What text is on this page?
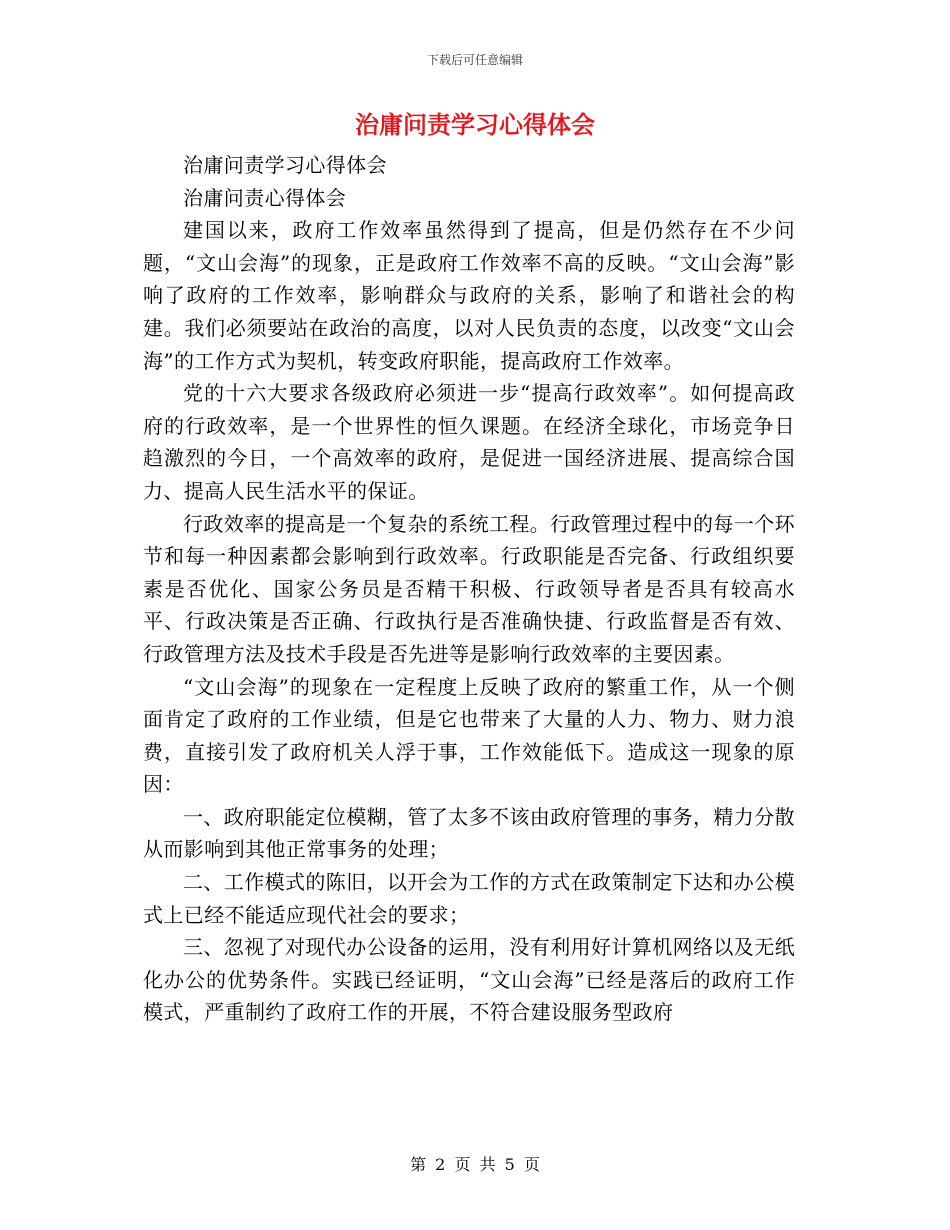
下载后可任意编辑
治庸问责学习心得体会

治庸问责学习心得体会

治庸问责心得体会

建国以来，政府工作效率虽然得到了提高，但是仍然存在不少问题，“文山会海”的现象，正是政府工作效率不高的反映。“文山会海”影响了政府的工作效率，影响群众与政府的关系，影响了和谐社会的构建。我们必须要站在政治的高度，以对人民负责的态度，以改变“文山会海”的工作方式为契机，转变政府职能，提高政府工作效率。

党的十六大要求各级政府必须进一步“提高行政效率”。如何提高政府的行政效率，是一个世界性的恒久课题。在经济全球化，市场竞争日趋激烈的今日，一个高效率的政府，是促进一国经济进展、提高综合国力、提高人民生活水平的保证。

行政效率的提高是一个复杂的系统工程。行政管理过程中的每一个环节和每一种因素都会影响到行政效率。行政职能是否完备、行政组织要素是否优化、国家公务员是否精干积极、行政领导者是否具有较高水平、行政决策是否正确、行政执行是否准确快捷、行政监督是否有效、行政管理方法及技术手段是否先进等是影响行政效率的主要因素。

“文山会海”的现象在一定程度上反映了政府的繁重工作，从一个侧面肯定了政府的工作业绩，但是它也带来了大量的人力、物力、财力浪费，直接引发了政府机关人浮于事，工作效能低下。造成这一现象的原因：

一、政府职能定位模糊，管了太多不该由政府管理的事务，精力分散从而影响到其他正常事务的处理；

二、工作模式的陈旧，以开会为工作的方式在政策制定下达和办公模式上已经不能适应现代社会的要求；

三、忽视了对现代办公设备的运用，没有利用好计算机网络以及无纸化办公的优势条件。实践已经证明，“文山会海”已经是落后的政府工作模式，严重制约了政府工作的开展，不符合建设服务型政府

第 2 页 共 5 页
